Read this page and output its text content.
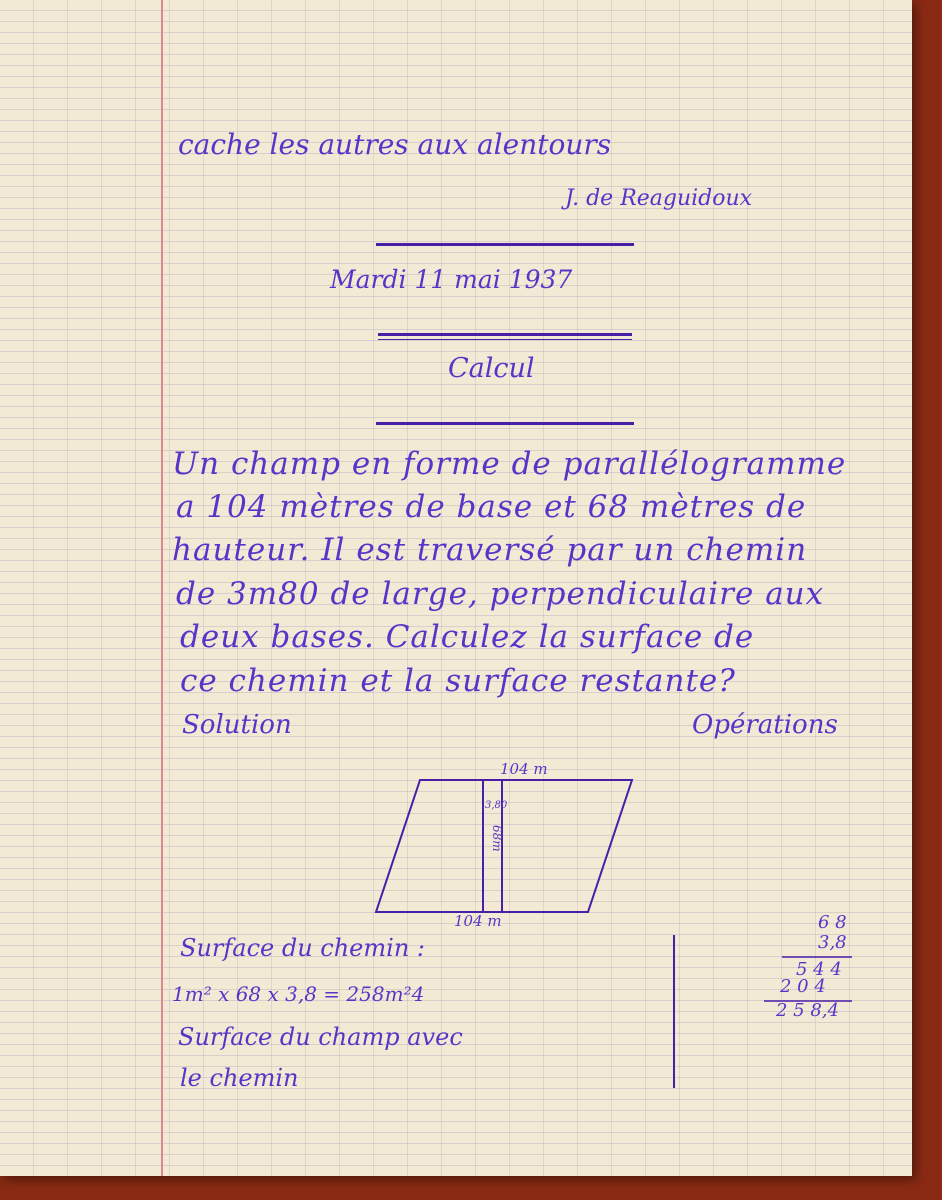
cache les autres aux alentours
J. de Reaguidoux
Mardi 11 mai 1937
Calcul
Un champ en forme de parallélogramme
a 104 mètres de base et 68 mètres de
hauteur. Il est traversé par un chemin
de 3m80 de large, perpendiculaire aux
deux bases. Calculez la surface de
ce chemin et la surface restante?
Solution	Opérations
104 m
104 m
3,80
68m
Surface du chemin :
1m² x 68 x 3,8 = 258m²4
Surface du champ avec
le chemin
6 8
3,8
5 4 4
2 0 4
2 5 8,4
